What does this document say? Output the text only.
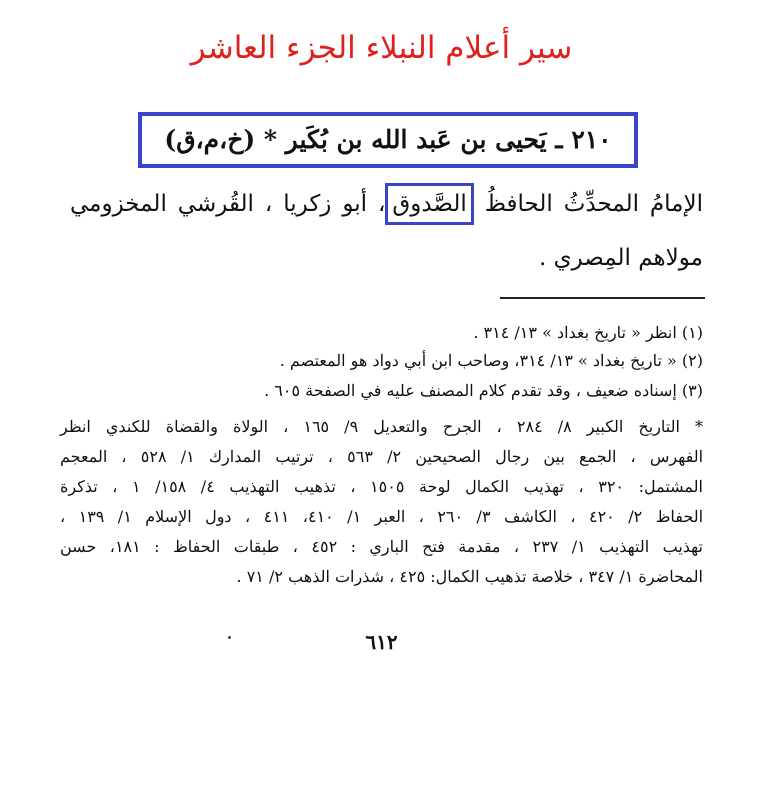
سير أعلام النبلاء الجزء العاشر
٢١٠ ـ يَحيى بن عَبد الله بن بُكَير * (خ،م،ق)
الإمامُ المحدِّثُ الحافظُ الصَّدوق، أبو زكريا ، القُرشي المخزومي
مولاهم المِصري .
(١) انظر « تاريخ بغداد » ١٣/ ٣١٤ .
(٢) « تاريخ بغداد » ١٣/ ٣١٤، وصاحب ابن أبي دواد هو المعتصم .
(٣) إسناده ضعيف ، وقد تقدم كلام المصنف عليه في الصفحة ٦٠٥ .
* التاريخ الكبير ٨/ ٢٨٤ ، الجرح والتعديل ٩/ ١٦٥ ، الولاة والقضاة للكندي انظر
الفهرس ، الجمع بين رجال الصحيحين ٢/ ٥٦٣ ، ترتيب المدارك ١/ ٥٢٨ ، المعجم
المشتمل: ٣٢٠ ، تهذيب الكمال لوحة ١٥٠٥ ، تذهيب التهذيب ٤/ ١٥٨/ ١ ، تذكرة
الحفاظ ٢/ ٤٢٠ ، الكاشف ٣/ ٢٦٠ ، العبر ١/ ٤١٠، ٤١١ ، دول الإسلام ١/ ١٣٩ ،
تهذيب التهذيب ١/ ٢٣٧ ، مقدمة فتح الباري : ٤٥٢ ، طبقات الحفاظ : ١٨١، حسن
المحاضرة ١/ ٣٤٧ ، خلاصة تذهيب الكمال: ٤٢٥ ، شذرات الذهب ٢/ ٧١ .
٦١٢
